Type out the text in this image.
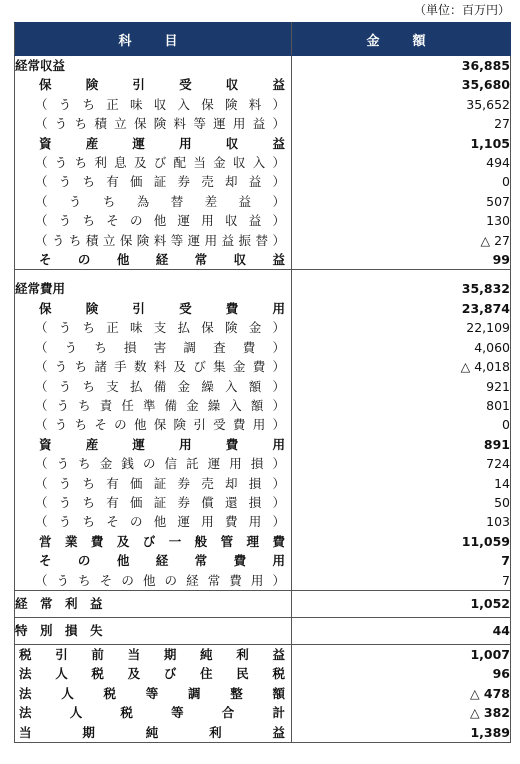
（単位：百万円）
科　目	金　額
経常収益	36,885

保険引受収益	35,680

（うち正味収入保険料）	35,652

（うち積立保険料等運用益）	27

資産運用収益	1,105

（うち利息及び配当金収入）	494

（うち有価証券売却益）	0

（うち為替差益）	507

（うちその他運用収益）	130

（うち積立保険料等運用益振替）	△ 27

その他経常収益	99

経常費用	35,832

保険引受費用	23,874

（うち正味支払保険金）	22,109

（うち損害調査費）	4,060

（うち諸手数料及び集金費）	△ 4,018

（うち支払備金繰入額）	921

（うち責任準備金繰入額）	801

（うちその他保険引受費用）	0

資産運用費用	891

（うち金銭の信託運用損）	724

（うち有価証券売却損）	14

（うち有価証券償還損）	50

（うちその他運用費用）	103

営業費及び一般管理費	11,059

その他経常費用	7

（うちその他の経常費用）	7
経　常　利　益	1,052
特　別　損　失	44

税引前当期純利益	1,007

法人税及び住民税	96

法人税等調整額	△ 478

法人税等合計	△ 382

当期純利益	1,389
